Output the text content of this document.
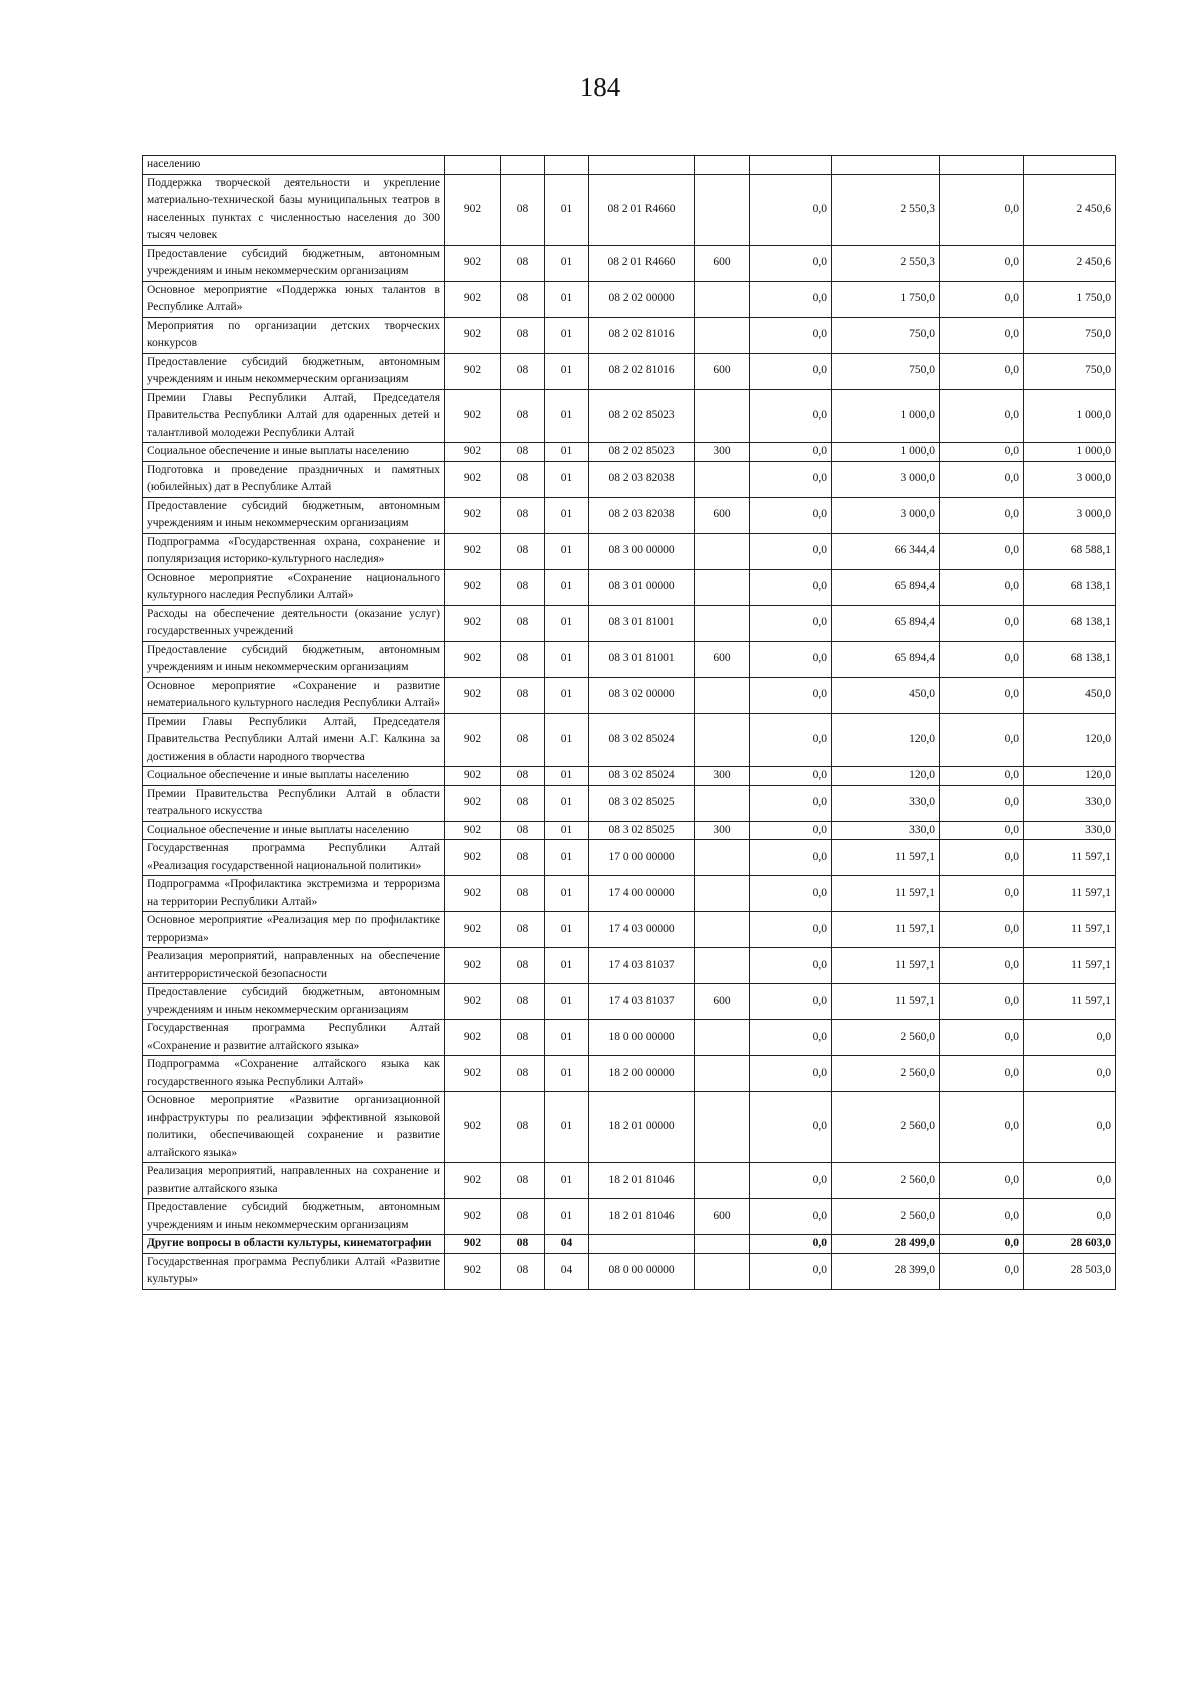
184
населению									
Поддержка творческой деятельности и укрепление материально-технической базы муниципальных театров в населенных пунктах с численностью населения до 300 тысяч человек	902	08	01	08 2 01 R4660		0,0	2 550,3	0,0	2 450,6
Предоставление субсидий бюджетным, автономным учреждениям и иным некоммерческим организациям	902	08	01	08 2 01 R4660	600	0,0	2 550,3	0,0	2 450,6
Основное мероприятие «Поддержка юных талантов в Республике Алтай»	902	08	01	08 2 02 00000		0,0	1 750,0	0,0	1 750,0
Мероприятия по организации детских творческих конкурсов	902	08	01	08 2 02 81016		0,0	750,0	0,0	750,0
Предоставление субсидий бюджетным, автономным учреждениям и иным некоммерческим организациям	902	08	01	08 2 02 81016	600	0,0	750,0	0,0	750,0
Премии Главы Республики Алтай, Председателя Правительства Республики Алтай для одаренных детей и талантливой молодежи Республики Алтай	902	08	01	08 2 02 85023		0,0	1 000,0	0,0	1 000,0
Социальное обеспечение и иные выплаты населению	902	08	01	08 2 02 85023	300	0,0	1 000,0	0,0	1 000,0
Подготовка и проведение праздничных и памятных (юбилейных) дат в Республике Алтай	902	08	01	08 2 03 82038		0,0	3 000,0	0,0	3 000,0
Предоставление субсидий бюджетным, автономным учреждениям и иным некоммерческим организациям	902	08	01	08 2 03 82038	600	0,0	3 000,0	0,0	3 000,0
Подпрограмма «Государственная охрана, сохранение и популяризация историко-культурного наследия»	902	08	01	08 3 00 00000		0,0	66 344,4	0,0	68 588,1
Основное мероприятие «Сохранение национального культурного наследия Республики Алтай»	902	08	01	08 3 01 00000		0,0	65 894,4	0,0	68 138,1
Расходы на обеспечение деятельности (оказание услуг) государственных учреждений	902	08	01	08 3 01 81001		0,0	65 894,4	0,0	68 138,1
Предоставление субсидий бюджетным, автономным учреждениям и иным некоммерческим организациям	902	08	01	08 3 01 81001	600	0,0	65 894,4	0,0	68 138,1
Основное мероприятие «Сохранение и развитие нематериального культурного наследия Республики Алтай»	902	08	01	08 3 02 00000		0,0	450,0	0,0	450,0
Премии Главы Республики Алтай, Председателя Правительства Республики Алтай имени А.Г. Калкина за достижения в области народного творчества	902	08	01	08 3 02 85024		0,0	120,0	0,0	120,0
Социальное обеспечение и иные выплаты населению	902	08	01	08 3 02 85024	300	0,0	120,0	0,0	120,0
Премии Правительства Республики Алтай в области театрального искусства	902	08	01	08 3 02 85025		0,0	330,0	0,0	330,0
Социальное обеспечение и иные выплаты населению	902	08	01	08 3 02 85025	300	0,0	330,0	0,0	330,0
Государственная программа Республики Алтай «Реализация государственной национальной политики»	902	08	01	17 0 00 00000		0,0	11 597,1	0,0	11 597,1
Подпрограмма «Профилактика экстремизма и терроризма на территории Республики Алтай»	902	08	01	17 4 00 00000		0,0	11 597,1	0,0	11 597,1
Основное мероприятие «Реализация мер по профилактике терроризма»	902	08	01	17 4 03 00000		0,0	11 597,1	0,0	11 597,1
Реализация мероприятий, направленных на обеспечение антитеррористической безопасности	902	08	01	17 4 03 81037		0,0	11 597,1	0,0	11 597,1
Предоставление субсидий бюджетным, автономным учреждениям и иным некоммерческим организациям	902	08	01	17 4 03 81037	600	0,0	11 597,1	0,0	11 597,1
Государственная программа Республики Алтай «Сохранение и развитие алтайского языка»	902	08	01	18 0 00 00000		0,0	2 560,0	0,0	0,0
Подпрограмма «Сохранение алтайского языка как государственного языка Республики Алтай»	902	08	01	18 2 00 00000		0,0	2 560,0	0,0	0,0
Основное мероприятие «Развитие организационной инфраструктуры по реализации эффективной языковой политики, обеспечивающей сохранение и развитие алтайского языка»	902	08	01	18 2 01 00000		0,0	2 560,0	0,0	0,0
Реализация мероприятий, направленных на сохранение и развитие алтайского языка	902	08	01	18 2 01 81046		0,0	2 560,0	0,0	0,0
Предоставление субсидий бюджетным, автономным учреждениям и иным некоммерческим организациям	902	08	01	18 2 01 81046	600	0,0	2 560,0	0,0	0,0
Другие вопросы в области культуры, кинематографии	902	08	04			0,0	28 499,0	0,0	28 603,0
Государственная программа Республики Алтай «Развитие культуры»	902	08	04	08 0 00 00000		0,0	28 399,0	0,0	28 503,0
